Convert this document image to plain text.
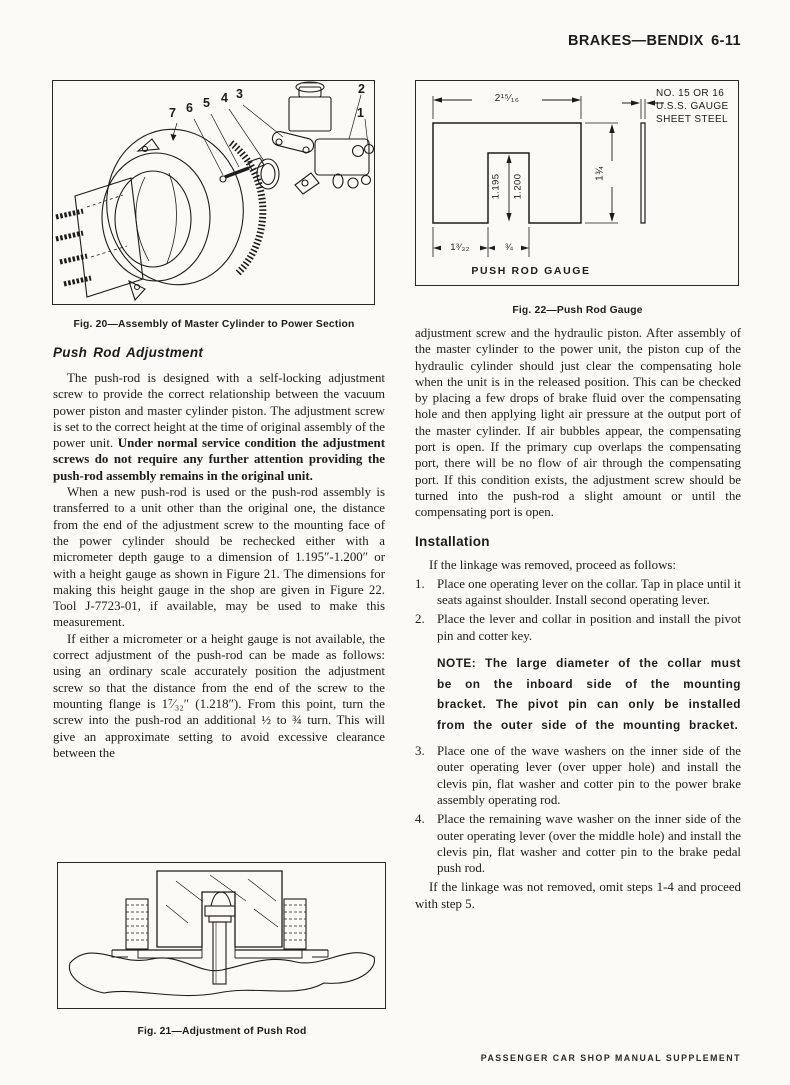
BRAKES—BENDIX 6-11
1
2
3
4
5
6
7
Fig. 20—Assembly of Master Cylinder to Power Section
2¹⁵⁄₁₆	NO. 15 OR 16
U.S.S. GAUGE
SHEET STEEL
1¾
1.195 1.200
1³⁄₃₂	¾
PUSH ROD GAUGE
Fig. 22—Push Rod Gauge
Push Rod Adjustment

The push-rod is designed with a self-locking adjustment screw to provide the correct relationship between the vacuum power piston and master cylinder piston. The adjustment screw is set to the correct height at the time of original assembly of the power unit. Under normal service condition the adjustment screws do not require any further attention providing the push-rod assembly remains in the original unit.

When a new push-rod is used or the push-rod assembly is transferred to a unit other than the original one, the distance from the end of the adjustment screw to the mounting face of the power cylinder should be rechecked either with a micrometer depth gauge to a dimension of 1.195″-1.200″ or with a height gauge as shown in Figure 21. The dimensions for making this height gauge in the shop are given in Figure 22. Tool J-7723-01, if available, may be used to make this measurement.

If either a micrometer or a height gauge is not available, the correct adjustment of the push-rod can be made as follows: using an ordinary scale accurately position the adjustment screw so that the distance from the end of the screw to the mounting flange is 1⁷⁄₃₂″ (1.218″). From this point, turn the screw into the push-rod an additional ½ to ¾ turn. This will give an approximate setting to avoid excessive clearance between the

Fig. 21—Adjustment of Push Rod

adjustment screw and the hydraulic piston. After assembly of the master cylinder to the power unit, the piston cup of the hydraulic cylinder should just clear the compensating hole when the unit is in the released position. This can be checked by placing a few drops of brake fluid over the compensating hole and then applying light air pressure at the output port of the master cylinder. If air bubbles appear, the compensating port is open. If the primary cup overlaps the compensating port, there will be no flow of air through the compensating port. If this condition exists, the adjustment screw should be turned into the push-rod a slight amount or until the compensating port is open.

Installation

If the linkage was removed, proceed as follows:

1. Place one operating lever on the collar. Tap in place until it seats against shoulder. Install second operating lever.
2. Place the lever and collar in position and install the pivot pin and cotter key.

NOTE: The large diameter of the collar must be on the inboard side of the mounting bracket. The pivot pin can only be installed from the outer side of the mounting bracket.

3. Place one of the wave washers on the inner side of the outer operating lever (over upper hole) and install the clevis pin, flat washer and cotter pin to the power brake assembly operating rod.
4. Place the remaining wave washer on the inner side of the outer operating lever (over the middle hole) and install the clevis pin, flat washer and cotter pin to the brake pedal push rod.

If the linkage was not removed, omit steps 1-4 and proceed with step 5.

PASSENGER CAR SHOP MANUAL SUPPLEMENT
